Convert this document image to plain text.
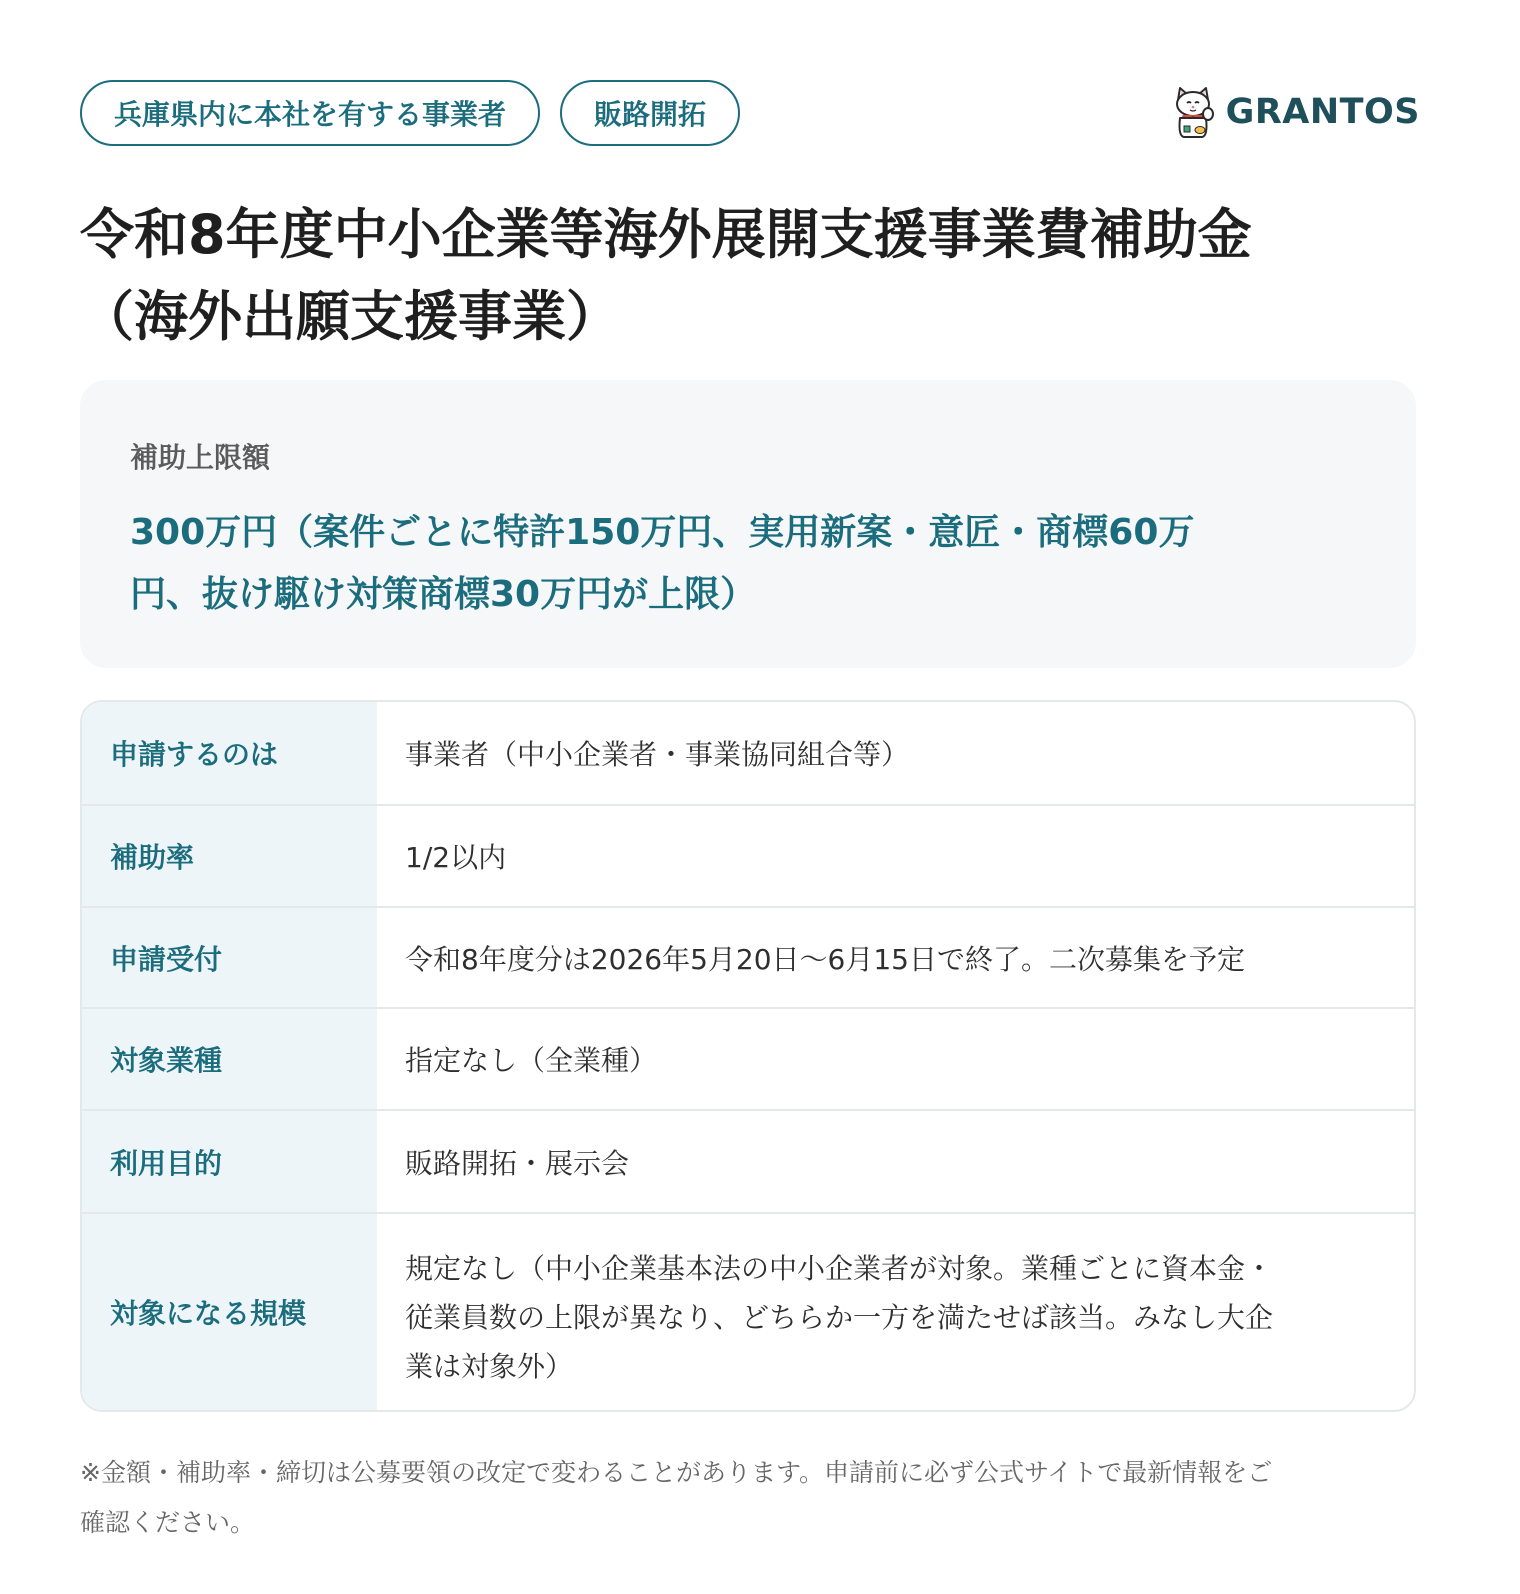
兵庫県内に本社を有する事業者	販路開拓	GRANTOS
令和8年度中小企業等海外展開支援事業費補助金
（海外出願支援事業）
補助上限額
300万円（案件ごとに特許150万円、実用新案・意匠・商標60万
円、抜け駆け対策商標30万円が上限）
申請するのは	事業者（中小企業者・事業協同組合等）
補助率	1/2以内
申請受付	令和8年度分は2026年5月20日〜6月15日で終了。二次募集を予定
対象業種	指定なし（全業種）
利用目的	販路開拓・展示会
対象になる規模
規定なし（中小企業基本法の中小企業者が対象。業種ごとに資本金・
従業員数の上限が異なり、どちらか一方を満たせば該当。みなし大企
業は対象外）
※金額・補助率・締切は公募要領の改定で変わることがあります。申請前に必ず公式サイトで最新情報をご
確認ください。
